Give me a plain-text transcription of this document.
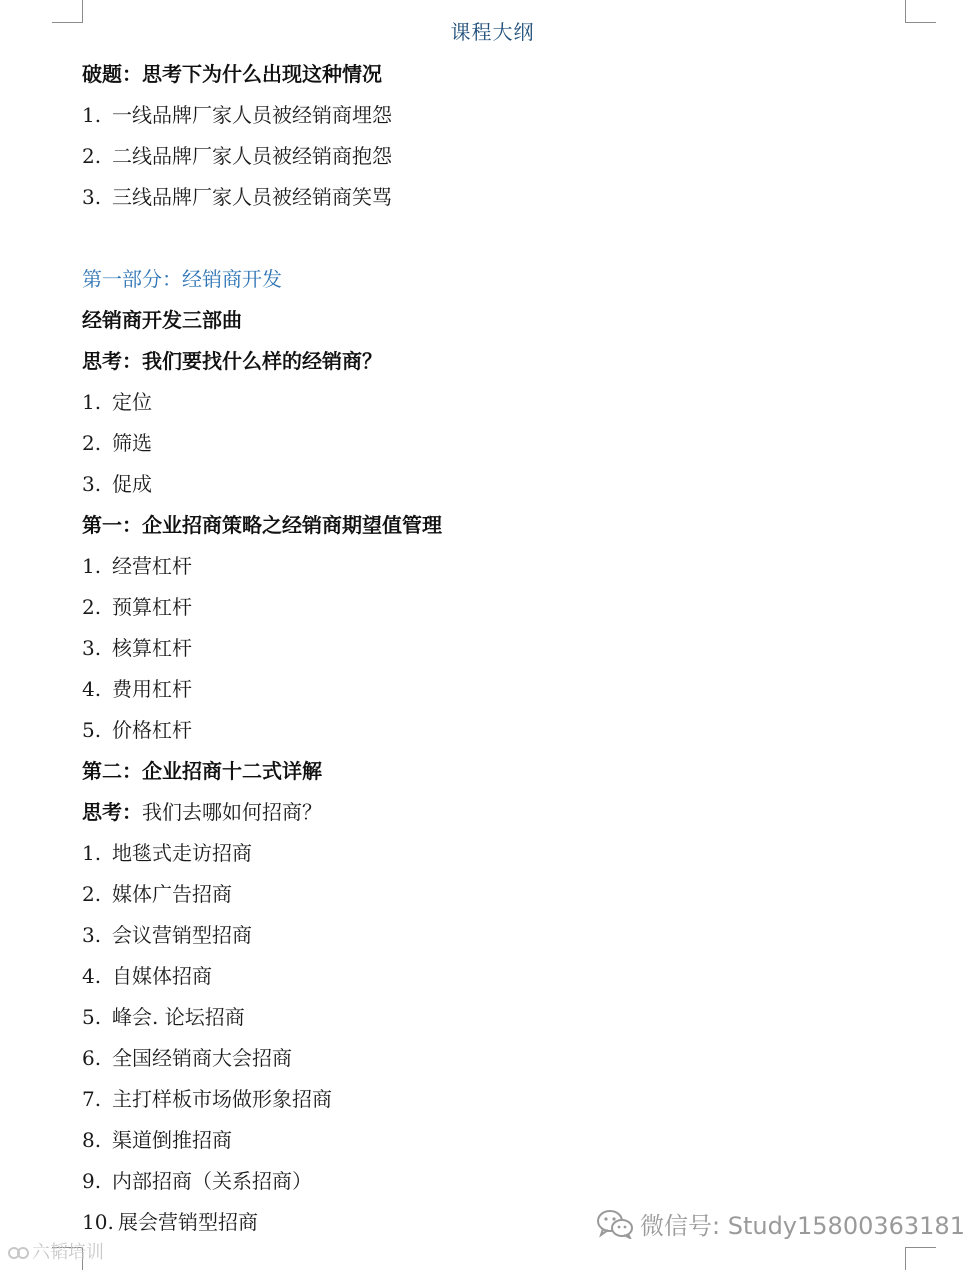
课程大纲
破题：思考下为什么出现这种情况
1. 一线品牌厂家人员被经销商埋怨
2. 二线品牌厂家人员被经销商抱怨
3. 三线品牌厂家人员被经销商笑骂
第一部分：经销商开发
经销商开发三部曲
思考：我们要找什么样的经销商？
1. 定位
2. 筛选
3. 促成
第一：企业招商策略之经销商期望值管理
1. 经营杠杆
2. 预算杠杆
3. 核算杠杆
4. 费用杠杆
5. 价格杠杆
第二：企业招商十二式详解
思考：我们去哪如何招商？
1. 地毯式走访招商
2. 媒体广告招商
3. 会议营销型招商
4. 自媒体招商
5. 峰会. 论坛招商
6. 全国经销商大会招商
7. 主打样板市场做形象招商
8. 渠道倒推招商
9. 内部招商（关系招商）
10. 展会营销型招商
六韬培训
微信号: Study15800363181
